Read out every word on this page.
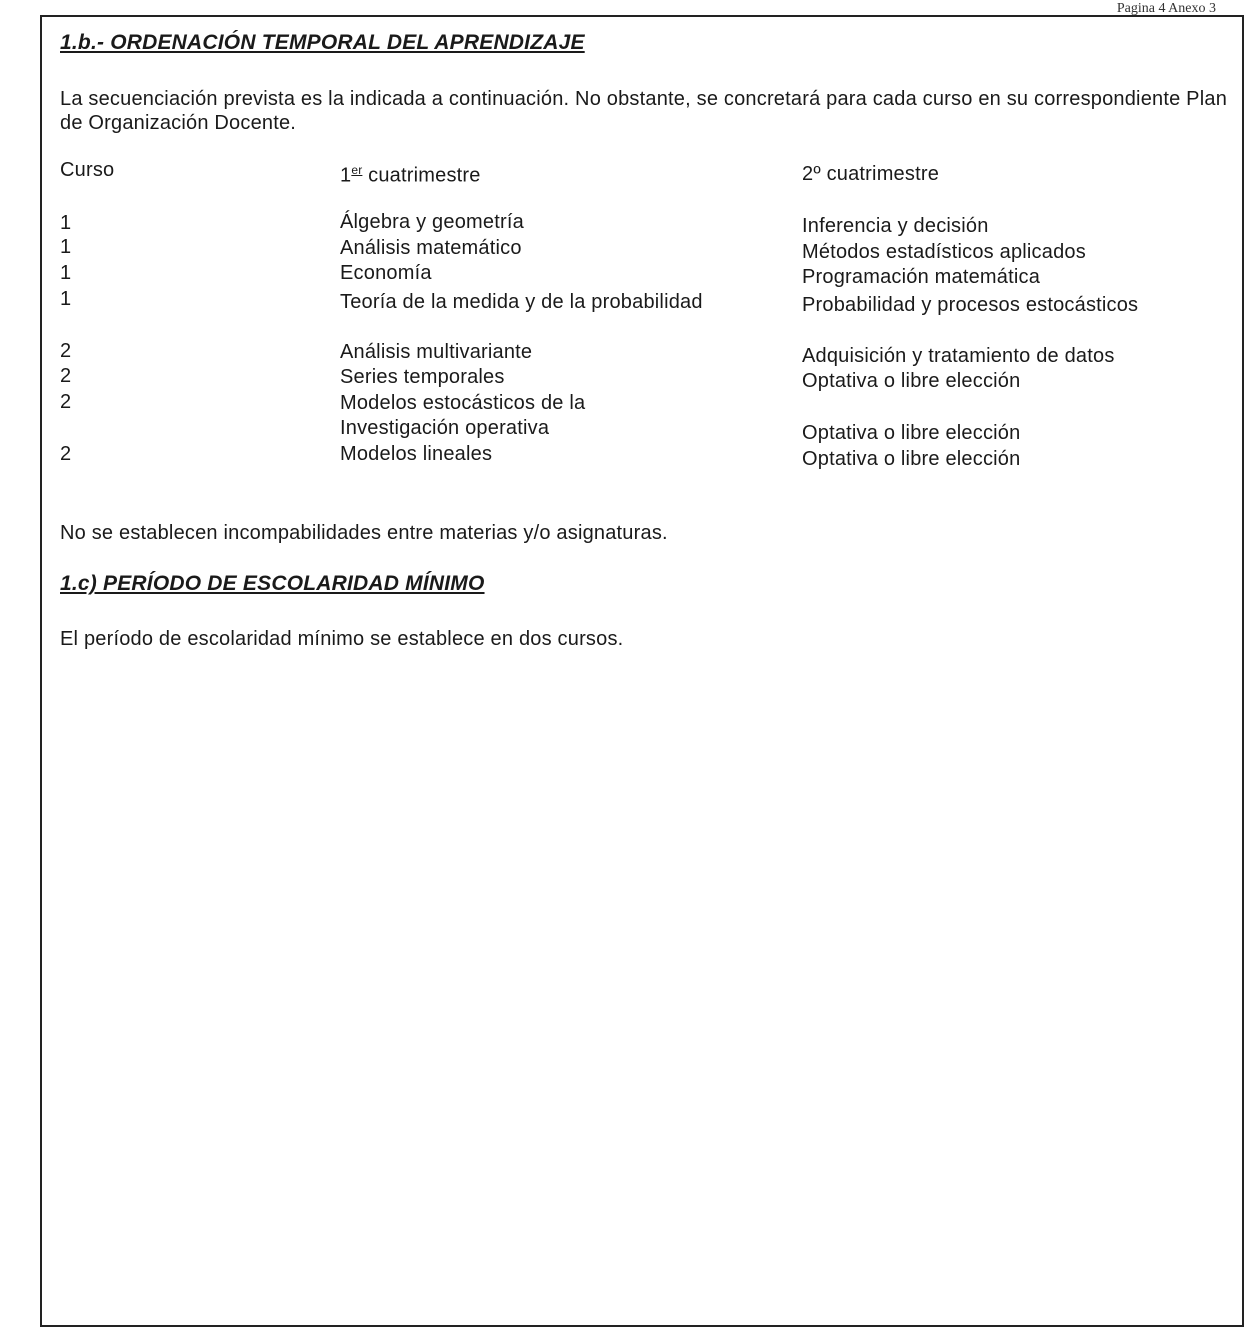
Pagina 4 Anexo 3
1.b.- ORDENACIÓN TEMPORAL DEL APRENDIZAJE
La secuenciación prevista es la indicada a continuación. No obstante, se concretará para cada curso en su correspondiente Plan de Organización Docente.
Curso	1er cuatrimestre	2º cuatrimestre
1	Álgebra y geometría	Inferencia y decisión
1	Análisis matemático	Métodos estadísticos aplicados
1	Economía	Programación matemática
1	Teoría de la medida y de la probabilidad	Probabilidad y procesos estocásticos
2	Análisis multivariante	Adquisición y tratamiento de datos
2	Series temporales	Optativa o libre elección
2	Modelos estocásticos de la
Investigación operativa	Optativa o libre elección
2	Modelos lineales	Optativa o libre elección
No se establecen incompabilidades entre materias y/o asignaturas.
1.c) PERÍODO DE ESCOLARIDAD MÍNIMO
El período de escolaridad mínimo se establece en dos cursos.
